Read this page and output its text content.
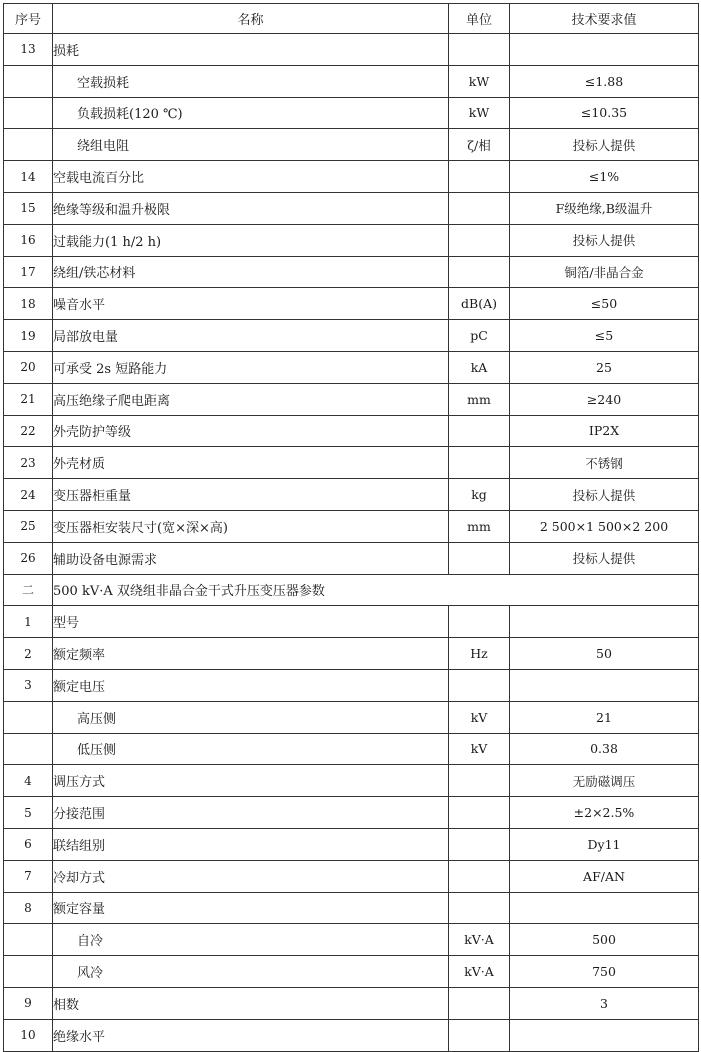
序号	名称	单位	技术要求值
13	损耗		
	空载损耗	kW	≤1.88
	负载损耗(120 ℃)	kW	≤10.35
	绕组电阻	ζ/相	投标人提供
14	空载电流百分比		≤1%
15	绝缘等级和温升极限		F级绝缘,B级温升
16	过载能力(1 h/2 h)		投标人提供
17	绕组/铁芯材料		铜箔/非晶合金
18	噪音水平	dB(A)	≤50
19	局部放电量	pC	≤5
20	可承受 2s 短路能力	kA	25
21	高压绝缘子爬电距离	mm	≥240
22	外壳防护等级		IP2X
23	外壳材质		不锈钢
24	变压器柜重量	kg	投标人提供
25	变压器柜安装尺寸(宽×深×高)	mm	2 500×1 500×2 200
26	辅助设备电源需求		投标人提供
二	500 kV·A 双绕组非晶合金干式升压变压器参数		
1	型号		
2	额定频率	Hz	50
3	额定电压		
	高压侧	kV	21
	低压侧	kV	0.38
4	调压方式		无励磁调压
5	分接范围		±2×2.5%
6	联结组别		Dy11
7	冷却方式		AF/AN
8	额定容量		
	自冷	kV·A	500
	风冷	kV·A	750
9	相数		3
10	绝缘水平		
